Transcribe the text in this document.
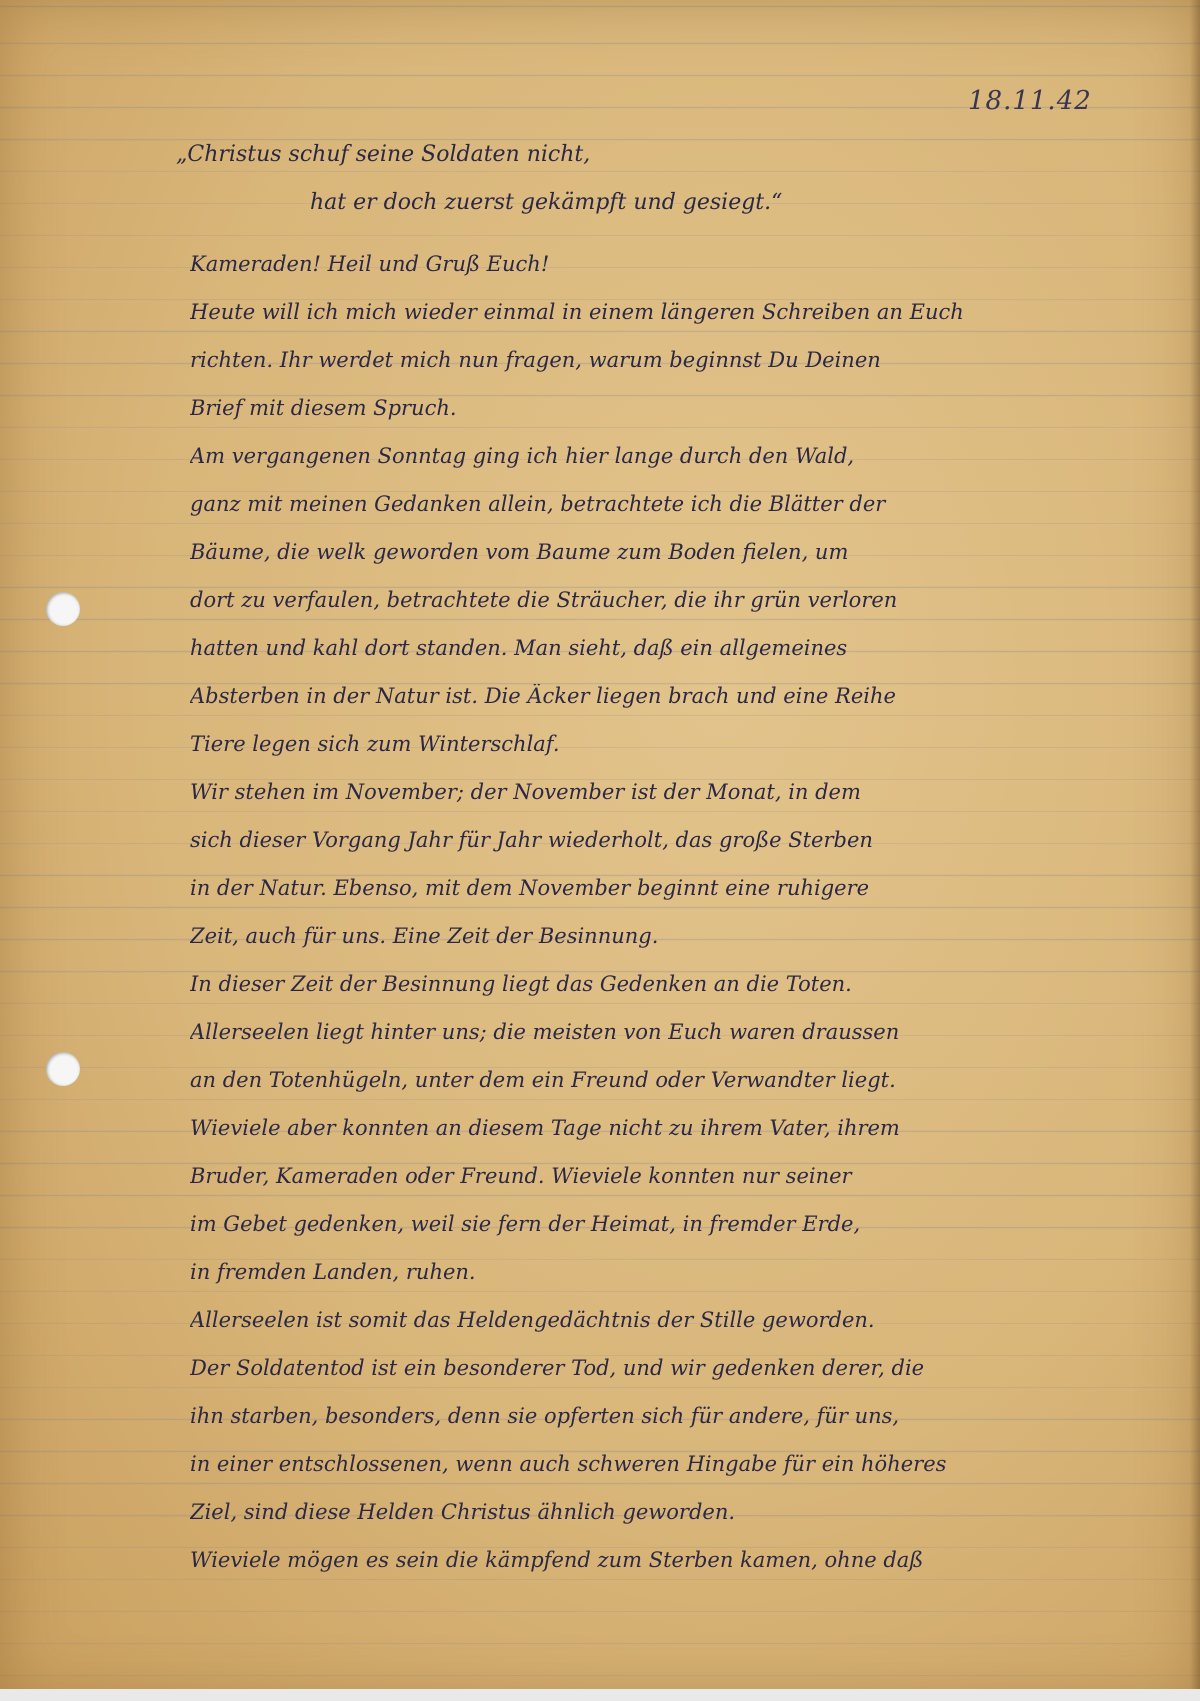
18.11.42
„Christus schuf seine Soldaten nicht,
hat er doch zuerst gekämpft und gesiegt.“
Kameraden! Heil und Gruß Euch!
Heute will ich mich wieder einmal in einem längeren Schreiben an Euch
richten. Ihr werdet mich nun fragen, warum beginnst Du Deinen
Brief mit diesem Spruch.
Am vergangenen Sonntag ging ich hier lange durch den Wald,
ganz mit meinen Gedanken allein, betrachtete ich die Blätter der
Bäume, die welk geworden vom Baume zum Boden fielen, um
dort zu verfaulen, betrachtete die Sträucher, die ihr grün verloren
hatten und kahl dort standen. Man sieht, daß ein allgemeines
Absterben in der Natur ist. Die Äcker liegen brach und eine Reihe
Tiere legen sich zum Winterschlaf.
Wir stehen im November; der November ist der Monat, in dem
sich dieser Vorgang Jahr für Jahr wiederholt, das große Sterben
in der Natur. Ebenso, mit dem November beginnt eine ruhigere
Zeit, auch für uns. Eine Zeit der Besinnung.
In dieser Zeit der Besinnung liegt das Gedenken an die Toten.
Allerseelen liegt hinter uns; die meisten von Euch waren draussen
an den Totenhügeln, unter dem ein Freund oder Verwandter liegt.
Wieviele aber konnten an diesem Tage nicht zu ihrem Vater, ihrem
Bruder, Kameraden oder Freund. Wieviele konnten nur seiner
im Gebet gedenken, weil sie fern der Heimat, in fremder Erde,
in fremden Landen, ruhen.
Allerseelen ist somit das Heldengedächtnis der Stille geworden.
Der Soldatentod ist ein besonderer Tod, und wir gedenken derer, die
ihn starben, besonders, denn sie opferten sich für andere, für uns,
in einer entschlossenen, wenn auch schweren Hingabe für ein höheres
Ziel, sind diese Helden Christus ähnlich geworden.
Wieviele mögen es sein die kämpfend zum Sterben kamen, ohne daß
